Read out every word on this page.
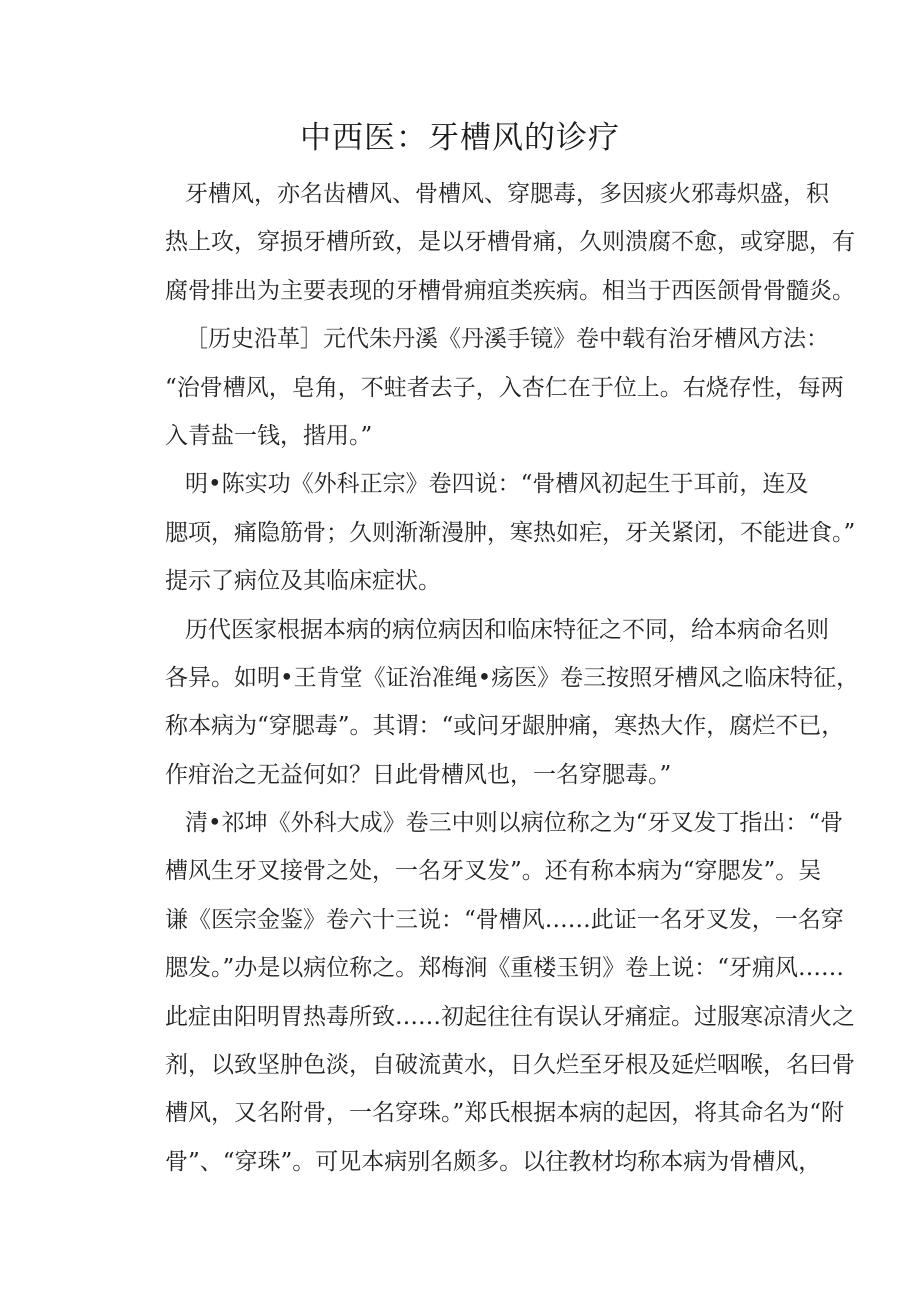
中西医：牙槽风的诊疗
牙槽风，亦名齿槽风、骨槽风、穿腮毒，多因痰火邪毒炽盛，积
热上攻，穿损牙槽所致，是以牙槽骨痛，久则溃腐不愈，或穿腮，有
腐骨排出为主要表现的牙槽骨痈疽类疾病。相当于西医颌骨骨髓炎。
［历史沿革］元代朱丹溪《丹溪手镜》卷中载有治牙槽风方法：
“治骨槽风，皂角，不蛀者去子，入杏仁在于位上。右烧存性，每两
入青盐一钱，揩用。”
明•陈实功《外科正宗》卷四说：“骨槽风初起生于耳前，连及
腮项，痛隐筋骨；久则渐渐漫肿，寒热如疟，牙关紧闭，不能进食。”
提示了病位及其临床症状。
历代医家根据本病的病位病因和临床特征之不同，给本病命名则
各异。如明•王肯堂《证治准绳•疡医》卷三按照牙槽风之临床特征，
称本病为“穿腮毒”。其谓：“或问牙龈肿痛，寒热大作，腐烂不已，
作疳治之无益何如？日此骨槽风也，一名穿腮毒。”
清•祁坤《外科大成》卷三中则以病位称之为“牙叉发丁指出：“骨
槽风生牙叉接骨之处，一名牙叉发”。还有称本病为“穿腮发”。吴
谦《医宗金鉴》卷六十三说：“骨槽风……此证一名牙叉发，一名穿
腮发。”办是以病位称之。郑梅涧《重楼玉钥》卷上说：“牙痈风……
此症由阳明胃热毒所致……初起往往有误认牙痛症。过服寒凉清火之
剂，以致坚肿色淡，自破流黄水，日久烂至牙根及延烂咽喉，名曰骨
槽风，又名附骨，一名穿珠。”郑氏根据本病的起因，将其命名为“附
骨”、“穿珠”。可见本病别名颇多。以往教材均称本病为骨槽风，
